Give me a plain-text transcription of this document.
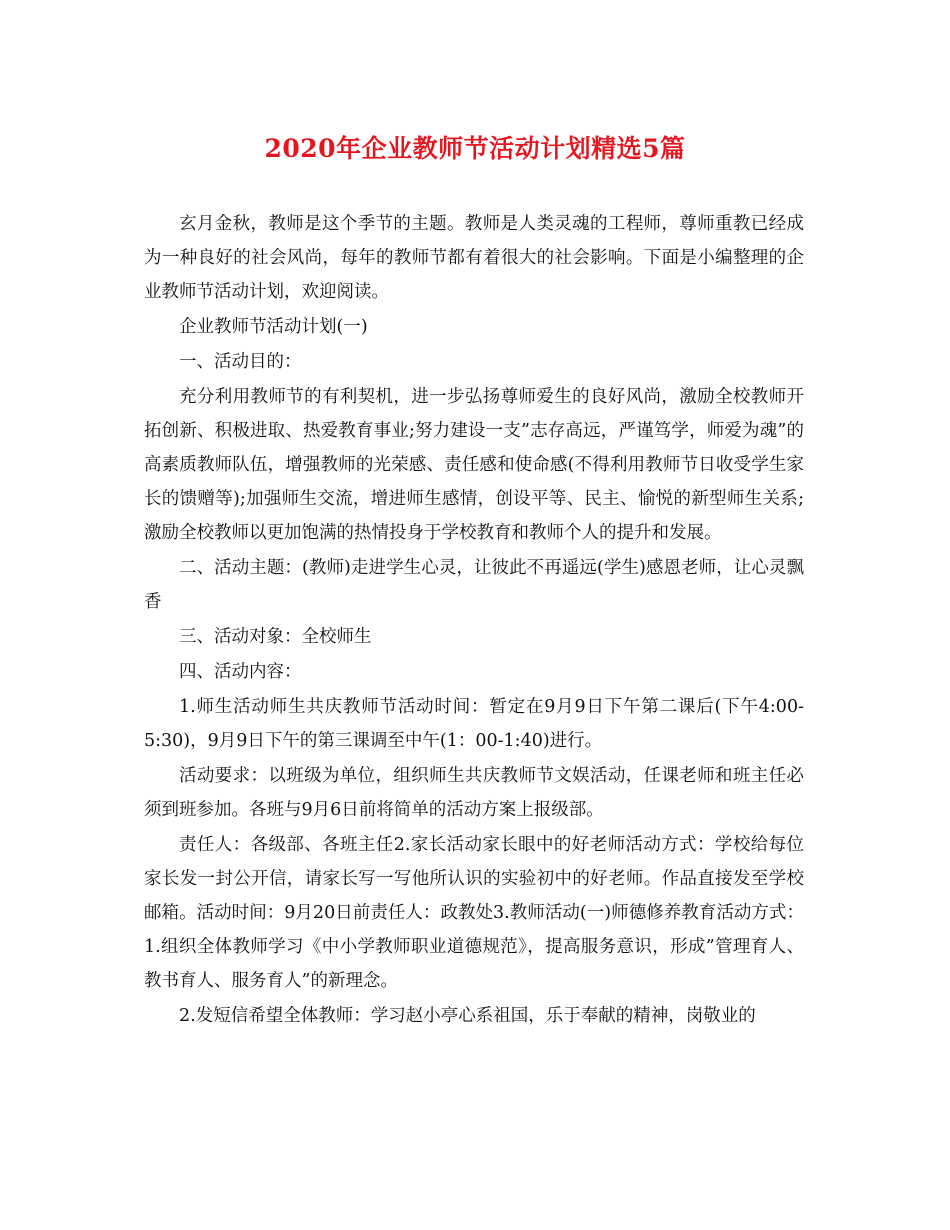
2020年企业教师节活动计划精选5篇

玄月金秋，教师是这个季节的主题。教师是人类灵魂的工程师，尊师重教已经成为一种良好的社会风尚，每年的教师节都有着很大的社会影响。下面是小编整理的企业教师节活动计划，欢迎阅读。

企业教师节活动计划(一)

一、活动目的：

充分利用教师节的有利契机，进一步弘扬尊师爱生的良好风尚，激励全校教师开拓创新、积极进取、热爱教育事业;努力建设一支”志存高远，严谨笃学，师爱为魂”的高素质教师队伍，增强教师的光荣感、责任感和使命感(不得利用教师节日收受学生家长的馈赠等);加强师生交流，增进师生感情，创设平等、民主、愉悦的新型师生关系;激励全校教师以更加饱满的热情投身于学校教育和教师个人的提升和发展。

二、活动主题：(教师)走进学生心灵，让彼此不再遥远(学生)感恩老师，让心灵飘香

三、活动对象：全校师生

四、活动内容：

1.师生活动师生共庆教师节活动时间：暂定在9月9日下午第二课后(下午4:00-5:30)，9月9日下午的第三课调至中午(1：00-1:40)进行。

活动要求：以班级为单位，组织师生共庆教师节文娱活动，任课老师和班主任必须到班参加。各班与9月6日前将简单的活动方案上报级部。

责任人：各级部、各班主任2.家长活动家长眼中的好老师活动方式：学校给每位家长发一封公开信，请家长写一写他所认识的实验初中的好老师。作品直接发至学校邮箱。活动时间：9月20日前责任人：政教处3.教师活动(一)师德修养教育活动方式：1.组织全体教师学习《中小学教师职业道德规范》，提高服务意识，形成”管理育人、教书育人、服务育人”的新理念。

2.发短信希望全体教师：学习赵小亭心系祖国，乐于奉献的精神，岗敬业的
